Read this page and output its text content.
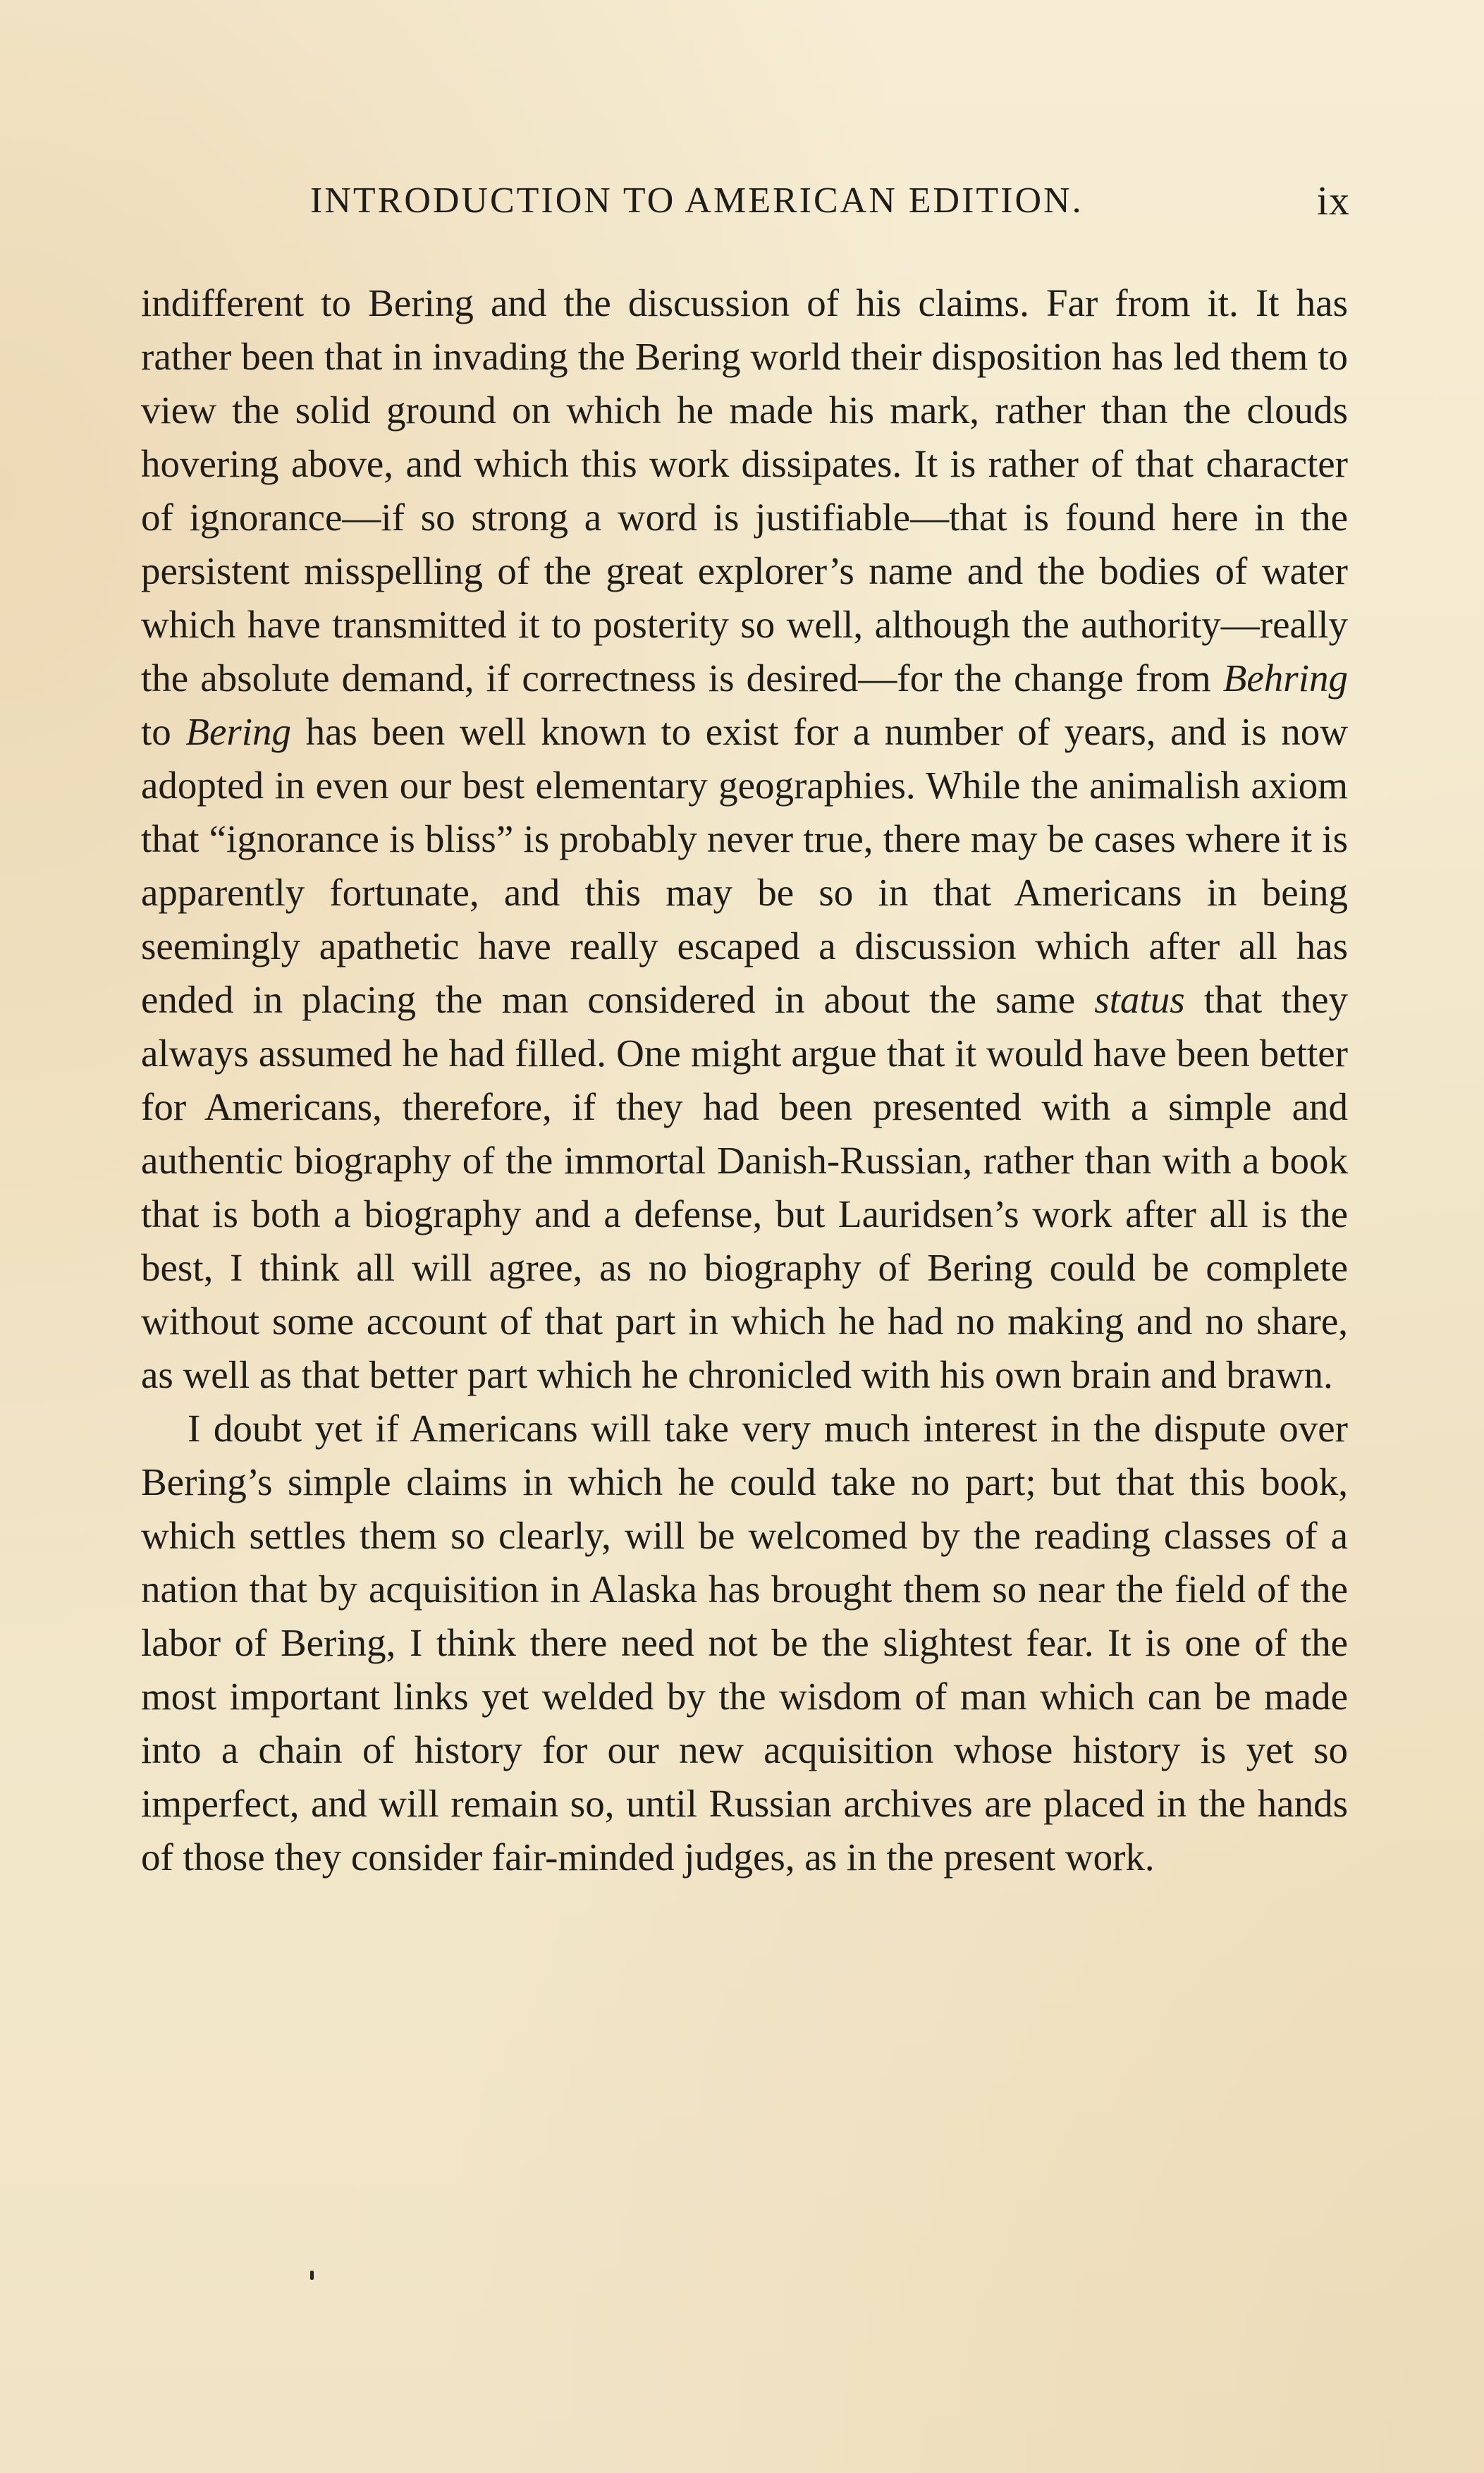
INTRODUCTION TO AMERICAN EDITION.	ix

indifferent to Bering and the discussion of his claims. Far from it. It has rather been that in invading the Bering world their disposition has led them to view the solid ground on which he made his mark, rather than the clouds hovering above, and which this work dissipates. It is rather of that character of ignorance—if so strong a word is justifiable—that is found here in the persistent misspelling of the great explorer’s name and the bodies of water which have transmitted it to posterity so well, although the authority—really the absolute demand, if correctness is desired—for the change from Behring to Bering has been well known to exist for a number of years, and is now adopted in even our best elementary geographies. While the animalish axiom that “ignorance is bliss” is probably never true, there may be cases where it is apparently fortunate, and this may be so in that Americans in being seemingly apathetic have really escaped a discussion which after all has ended in placing the man considered in about the same status that they always assumed he had filled. One might argue that it would have been better for Americans, therefore, if they had been presented with a simple and authentic biography of the immortal Danish-Russian, rather than with a book that is both a biography and a defense, but Lauridsen’s work after all is the best, I think all will agree, as no biography of Bering could be complete without some account of that part in which he had no making and no share, as well as that better part which he chronicled with his own brain and brawn.

I doubt yet if Americans will take very much interest in the dispute over Bering’s simple claims in which he could take no part; but that this book, which settles them so clearly, will be welcomed by the reading classes of a nation that by acquisition in Alaska has brought them so near the field of the labor of Bering, I think there need not be the slightest fear. It is one of the most important links yet welded by the wisdom of man which can be made into a chain of history for our new acquisition whose history is yet so imperfect, and will remain so, until Russian archives are placed in the hands of those they consider fair-minded judges, as in the present work.
